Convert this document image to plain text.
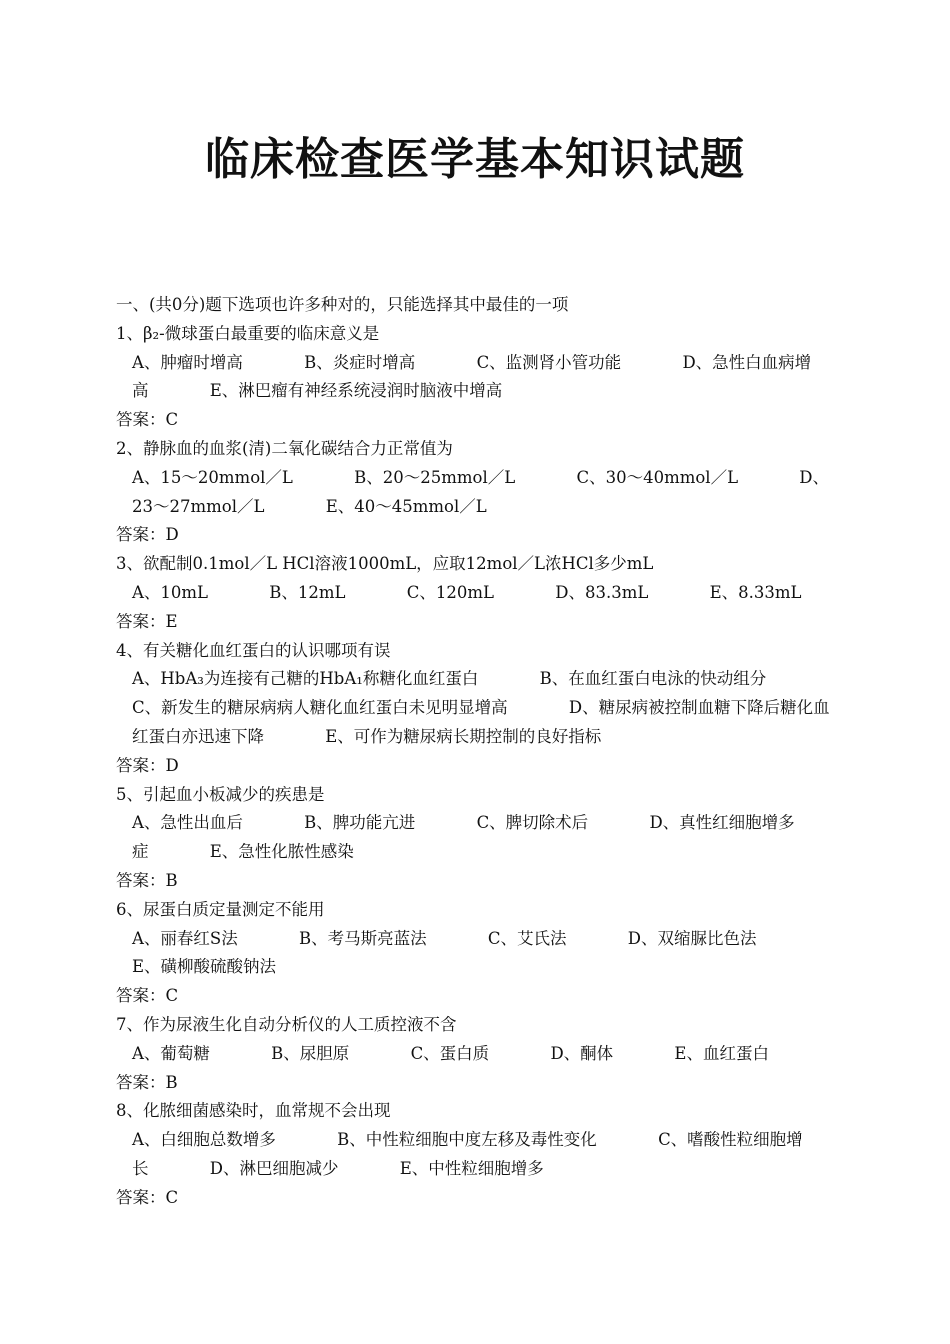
临床检查医学基本知识试题
一、(共0分)题下选项也许多种对的，只能选择其中最佳的一项
1、β₂-微球蛋白最重要的临床意义是
A、肿瘤时增高	B、炎症时增高	C、监测肾小管功能	D、急性白血病增高	E、淋巴瘤有神经系统浸润时脑液中增高
答案：C
2、静脉血的血浆(清)二氧化碳结合力正常值为
A、15～20mmol／L	B、20～25mmol／L	C、30～40mmol／L	D、23～27mmol／L	E、40～45mmol／L
答案：D
3、欲配制0.1mol／L HCl溶液1000mL，应取12mol／L浓HCl多少mL
A、10mL	B、12mL	C、120mL	D、83.3mL	E、8.33mL
答案：E
4、有关糖化血红蛋白的认识哪项有误
A、HbA₃为连接有己糖的HbA₁称糖化血红蛋白	B、在血红蛋白电泳的快动组分 C、新发生的糖尿病病人糖化血红蛋白未见明显增高	D、糖尿病被控制血糖下降后糖化血红蛋白亦迅速下降	E、可作为糖尿病长期控制的良好指标
答案：D
5、引起血小板减少的疾患是
A、急性出血后	B、脾功能亢进	C、脾切除术后	D、真性红细胞增多症	E、急性化脓性感染
答案：B
6、尿蛋白质定量测定不能用
A、丽春红S法	B、考马斯亮蓝法	C、艾氏法	D、双缩脲比色法 E、磺柳酸硫酸钠法
答案：C
7、作为尿液生化自动分析仪的人工质控液不含
A、葡萄糖	B、尿胆原	C、蛋白质	D、酮体	E、血红蛋白
答案：B
8、化脓细菌感染时，血常规不会出现
A、白细胞总数增多	B、中性粒细胞中度左移及毒性变化	C、嗜酸性粒细胞增长	D、淋巴细胞减少	E、中性粒细胞增多
答案：C
